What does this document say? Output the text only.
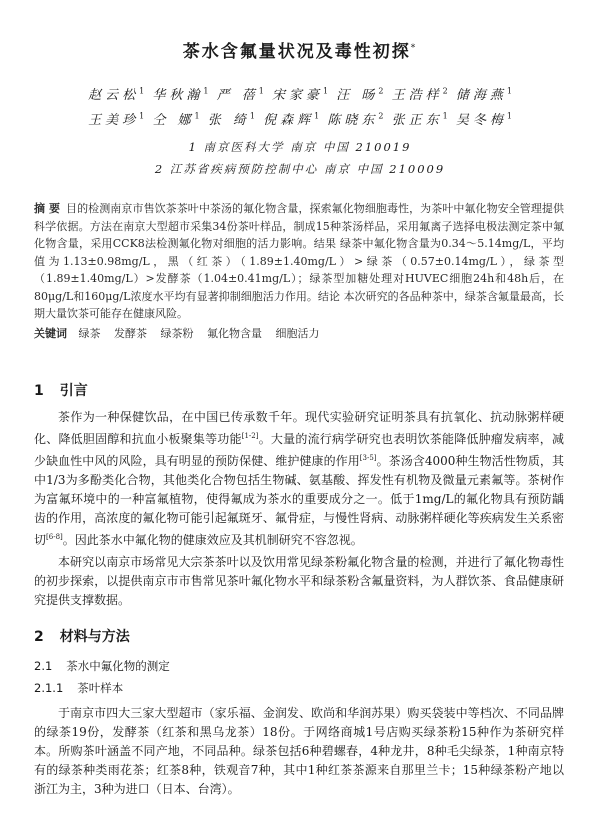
茶水含氟量状况及毒性初探*
赵云松$^1$ 华秋瀚$^1$ 严 蓓$^1$ 宋家豪$^1$ 汪 旸$^2$ 王浩样$^2$ 储海燕$^1$
王美珍$^1$ 仝 娜$^1$ 张 绮$^1$ 倪森辉$^1$ 陈晓东$^2$ 张正东$^1$ 吴冬梅$^1$
1 南京医科大学 南京 中国 210019
2 江苏省疾病预防控制中心 南京 中国 210009
摘 要 目的检测南京市售饮茶茶叶中茶汤的氟化物含量，探索氟化物细胞毒性，为茶叶中氟化物安全管理提供科学依据。方法在南京大型超市采集34份茶叶样品，制成15种茶汤样品，采用氟离子选择电极法测定茶中氟化物含量，采用CCK8法检测氟化物对细胞的活力影响。结果 绿茶中氟化物含量为0.34～5.14mg/L，平均值为1.13±0.98mg/L，黑（红茶）（1.89±1.40mg/L）>绿茶（0.57±0.14mg/L），绿茶型（1.89±1.40mg/L）>发酵茶（1.04±0.41mg/L）；绿茶型加糖处理对HUVEC细胞24h和48h后，在80μg/L和160μg/L浓度水平均有显著抑制细胞活力作用。结论 本次研究的各品种茶中，绿茶含氟量最高，长期大量饮茶可能存在健康风险。
关键词 绿茶 发酵茶 绿茶粉 氟化物含量 细胞活力
1 引言
茶作为一种保健饮品，在中国已传承数千年。现代实验研究证明茶具有抗氧化、抗动脉粥样硬化、降低胆固醇和抗血小板聚集等功能[1-2]。大量的流行病学研究也表明饮茶能降低肿瘤发病率，减少缺血性中风的风险，具有明显的预防保健、维护健康的作用[3-5]。茶汤含4000种生物活性物质，其中1/3为多酚类化合物，其他类化合物包括生物碱、氨基酸、挥发性有机物及微量元素氟等。茶树作为富氟环境中的一种富氟植物，使得氟成为茶水的重要成分之一。低于1mg/L的氟化物具有预防龋齿的作用，高浓度的氟化物可能引起氟斑牙、氟骨症，与慢性肾病、动脉粥样硬化等疾病发生关系密切[6-8]。因此茶水中氟化物的健康效应及其机制研究不容忽视。
本研究以南京市场常见大宗茶茶叶以及饮用常见绿茶粉氟化物含量的检测，并进行了氟化物毒性的初步探索，以提供南京市市售常见茶叶氟化物水平和绿茶粉含氟量资料，为人群饮茶、食品健康研究提供支撑数据。
2 材料与方法
2.1 茶水中氟化物的测定
2.1.1 茶叶样本
于南京市四大三家大型超市（家乐福、金润发、欧尚和华润苏果）购买袋装中等档次、不同品牌的绿茶19份，发酵茶（红茶和黑乌龙茶）18份。于网络商城1号店购买绿茶粉15种作为茶研究样本。所购茶叶涵盖不同产地，不同品种。绿茶包括6种碧螺春，4种龙井，8种毛尖绿茶，1种南京特有的绿茶种类雨花茶；红茶8种，铁观音7种，其中1种红茶茶源来自那里兰卡；15种绿茶粉产地以浙江为主，3种为进口（日本、台湾）。
